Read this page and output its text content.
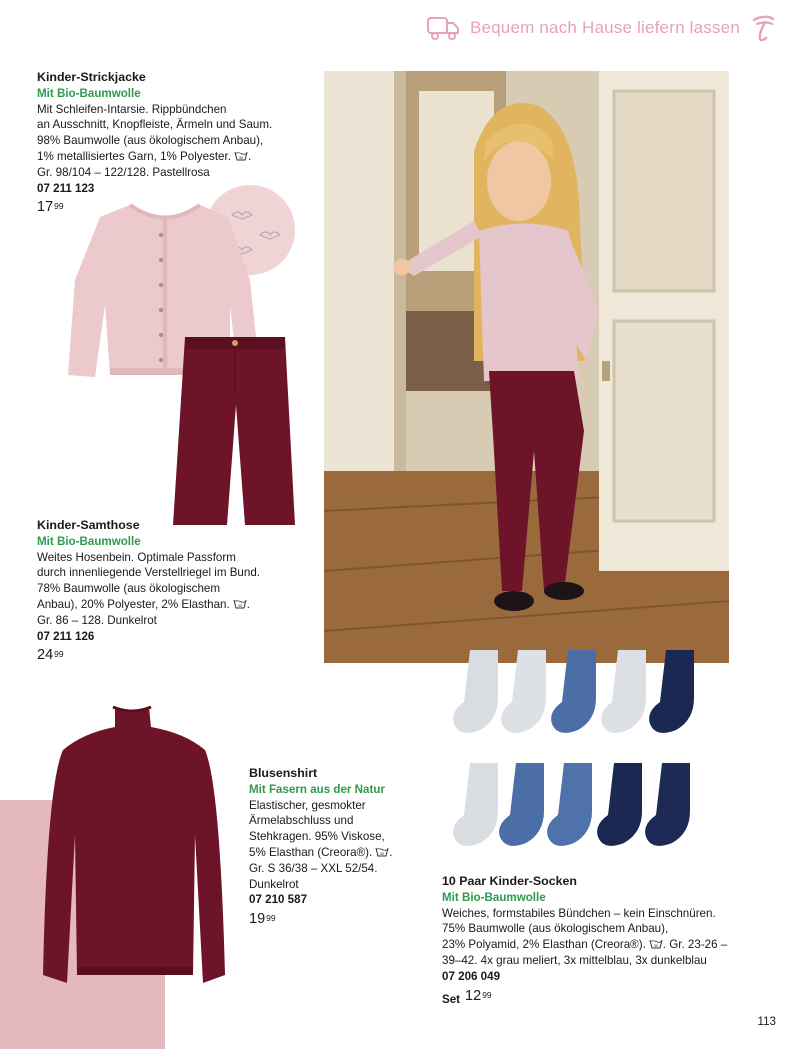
Bequem nach Hause liefern lassen
Kinder-Strickjacke
Mit Bio-Baumwolle
Mit Schleifen-Intarsie. Rippbündchen
an Ausschnitt, Knopfleiste, Ärmeln und Saum.
98% Baumwolle (aus ökologischem Anbau),
1% metallisiertes Garn, 1% Polyester. 30 .
Gr. 98/104 – 122/128. Pastellrosa
07 211 123
17 99
Kinder-Samthose
Mit Bio-Baumwolle
Weites Hosenbein. Optimale Passform
durch innenliegende Verstellriegel im Bund.
78% Baumwolle (aus ökologischem
Anbau), 20% Polyester, 2% Elasthan. 30 .
Gr. 86 – 128. Dunkelrot
07 211 126
24 99
Blusenshirt
Mit Fasern aus der Natur
Elastischer, gesmokter
Ärmelabschluss und
Stehkragen. 95% Viskose,
5% Elasthan (Creora®). 30 .
Gr. S 36/38 – XXL 52/54.
Dunkelrot
07 210 587
19 99
10 Paar Kinder-Socken
Mit Bio-Baumwolle
Weiches, formstabiles Bündchen – kein Einschnüren.
75% Baumwolle (aus ökologischem Anbau),
23% Polyamid, 2% Elasthan (Creora®). 30 . Gr. 23-26 –
39–42. 4x grau meliert, 3x mittelblau, 3x dunkelblau
07 206 049
Set 12 99
113
